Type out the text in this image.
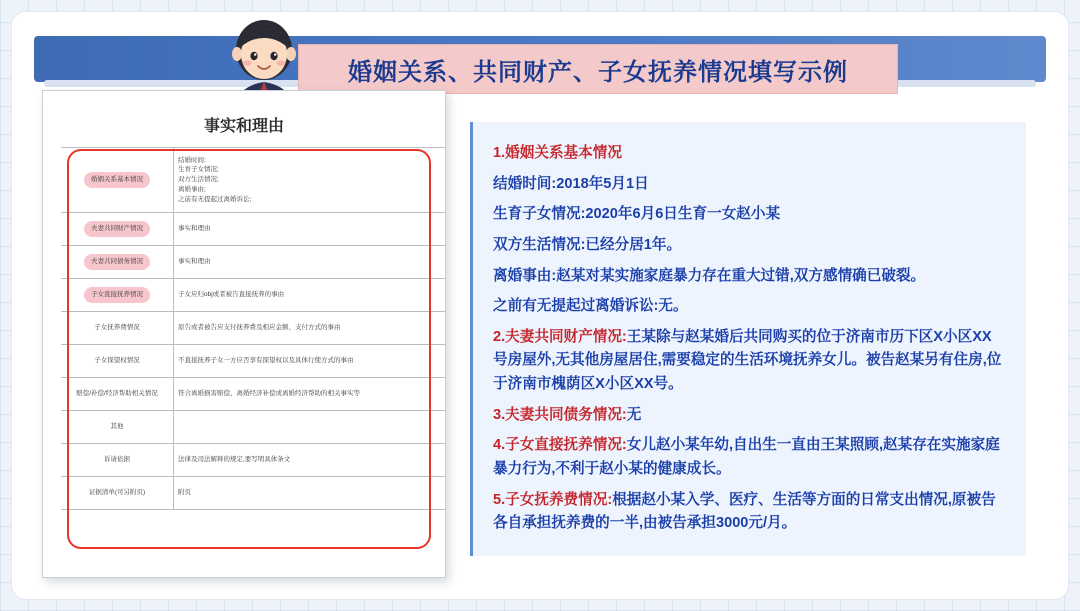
婚姻关系、共同财产、子女抚养情况填写示例
事实和理由
婚姻关系基本情况	结婚时间:
生育子女情况;
双方生活情况;
离婚事由;
之前有无提起过离婚诉讼;

夫妻共同财产情况	事实和理由
夫妻共同债务情况	事实和理由
子女直接抚养情况	子女应归obj或者被告直接抚养的事由
子女抚养费情况	原告或者被告应支付抚养费及相应金额、支付方式的事由
子女探望权情况	不直接抚养子女一方应否享有探望权以及具体行使方式的事由
赔偿/补偿/经济帮助相关情况	符合离婚损害赔偿、离婚经济补偿或离婚经济帮助的相关事实等
其他	
诉请依据	法律及司法解释的规定,要写明具体条文
证据清单(可另附页)	附页

1.婚姻关系基本情况

结婚时间:2018年5月1日

生育子女情况:2020年6月6日生育一女赵小某

双方生活情况:已经分居1年。

离婚事由:赵某对某实施家庭暴力存在重大过错,双方感情确已破裂。

之前有无提起过离婚诉讼:无。

2.夫妻共同财产情况:王某除与赵某婚后共同购买的位于济南市历下区X小区XX号房屋外,无其他房屋居住,需要稳定的生活环境抚养女儿。被告赵某另有住房,位于济南市槐荫区X小区XX号。

3.夫妻共同债务情况:无

4.子女直接抚养情况:女儿赵小某年幼,自出生一直由王某照顾,赵某存在实施家庭暴力行为,不利于赵小某的健康成长。

5.子女抚养费情况:根据赵小某入学、医疗、生活等方面的日常支出情况,原被告各自承担抚养费的一半,由被告承担3000元/月。
